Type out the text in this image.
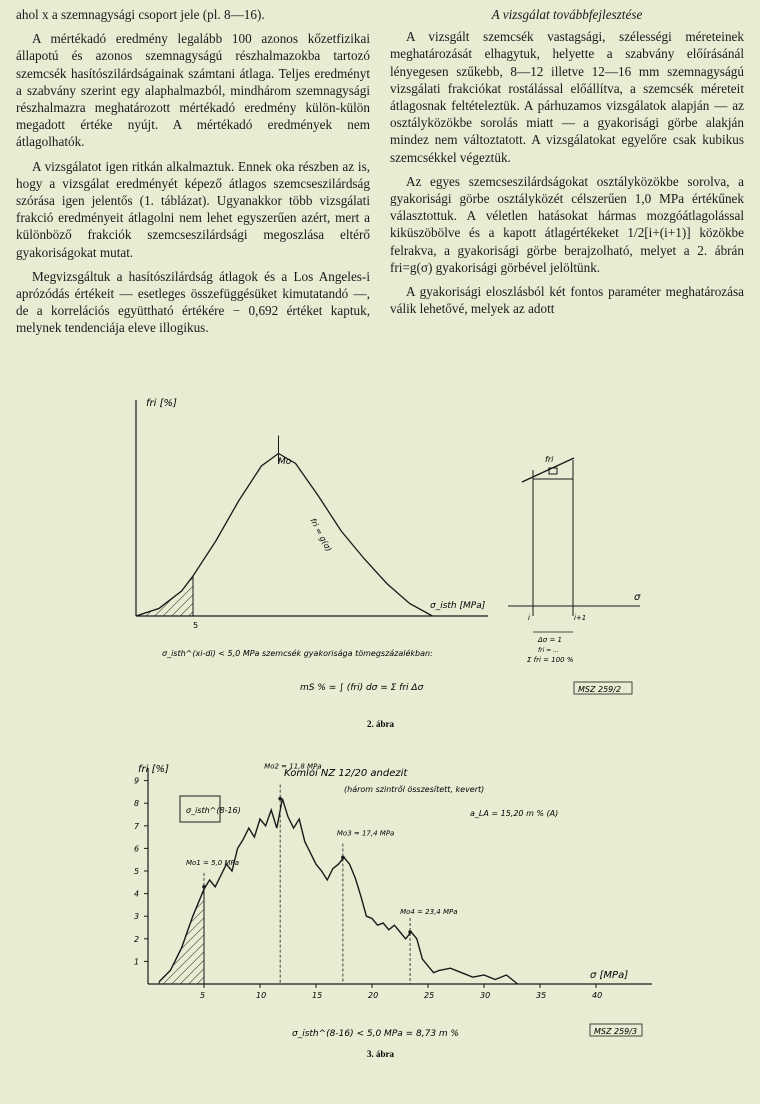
ahol x a szemnagysági csoport jele (pl. 8—16).

A mértékadó eredmény legalább 100 azonos kőzetfizikai állapotú és azonos szemnagyságú részhalmazokba tartozó szemcsék hasítószilárdságainak számtani átlaga. Teljes eredményt a szabvány szerint egy alaphalmazból, mindhárom szemnagysági részhalmazra meghatározott mértékadó eredmény külön-külön megadott értéke nyújt. A mértékadó eredmények nem átlagolhatók.

A vizsgálatot igen ritkán alkalmaztuk. Ennek oka részben az is, hogy a vizsgálat eredményét képező átlagos szemcseszilárdság szórása igen jelentős (1. táblázat). Ugyanakkor több vizsgálati frakció eredményeit átlagolni nem lehet egyszerűen azért, mert a különböző frakciók szemcseszilárdsági megoszlása eltérő gyakoriságokat mutat.

Megvizsgáltuk a hasítószilárdság átlagok és a Los Angeles-i aprózódás értékeit — esetleges összefüggésüket kimutatandó —, de a korrelációs együttható értékére − 0,692 értéket kaptuk, melynek tendenciája eleve illogikus.

A vizsgálat továbbfejlesztése

A vizsgált szemcsék vastagsági, szélességi méreteinek meghatározását elhagytuk, helyette a szabvány előírásánál lényegesen szűkebb, 8—12 illetve 12—16 mm szemnagyságú vizsgálati frakciókat rostálással előállítva, a szemcsék méreteit átlagosnak feltételeztük. A párhuzamos vizsgálatok alapján — az osztályközökbe sorolás miatt — a gyakorisági görbe alakján mindez nem változtatott. A vizsgálatokat egyelőre csak kubikus szemcsékkel végeztük.

Az egyes szemcseszilárdságokat osztályközökbe sorolva, a gyakorisági görbe osztályközét célszerűen 1,0 MPa értékűnek választottuk. A véletlen hatásokat hármas mozgóátlagolással kiküszöbölve és a kapott átlagértékeket 1/2[i+(i+1)] közökbe felrakva, a gyakorisági görbe berajzolható, melyet a 2. ábrán fri=g(σ) gyakorisági görbével jelöltünk.

A gyakorisági eloszlásból két fontos paraméter meghatározása válik lehetővé, melyek az adott

fri [%]
σ_isth [MPa]
5
Mo
fri = g(σ)
fri
σ
i	i+1
Δσ = 1
fri = ...
Σ fri = 100 %
σ_isth^(xi-di) < 5,0 MPa szemcsék gyakorisága tömegszázalékban:
mS % = ∫ (fri) dσ = Σ fri Δσ	MSZ 259/2
2. ábra
fri [%]	Komlói NZ 12/20 andezit
(három szintről összesített, kevert)
a_LA = 15,20 m % (A)
σ_isth^(8-16)
σ [MPa]
9
8
7
6
5
4
3
2
1
5	10	15	20	25	30	35	40
Mo1 = 5,0 MPa
Mo2 = 11,8 MPa
Mo3 = 17,4 MPa
Mo4 = 23,4 MPa
σ_isth^(8-16) < 5,0 MPa = 8,73 m %	MSZ 259/3
3. ábra
